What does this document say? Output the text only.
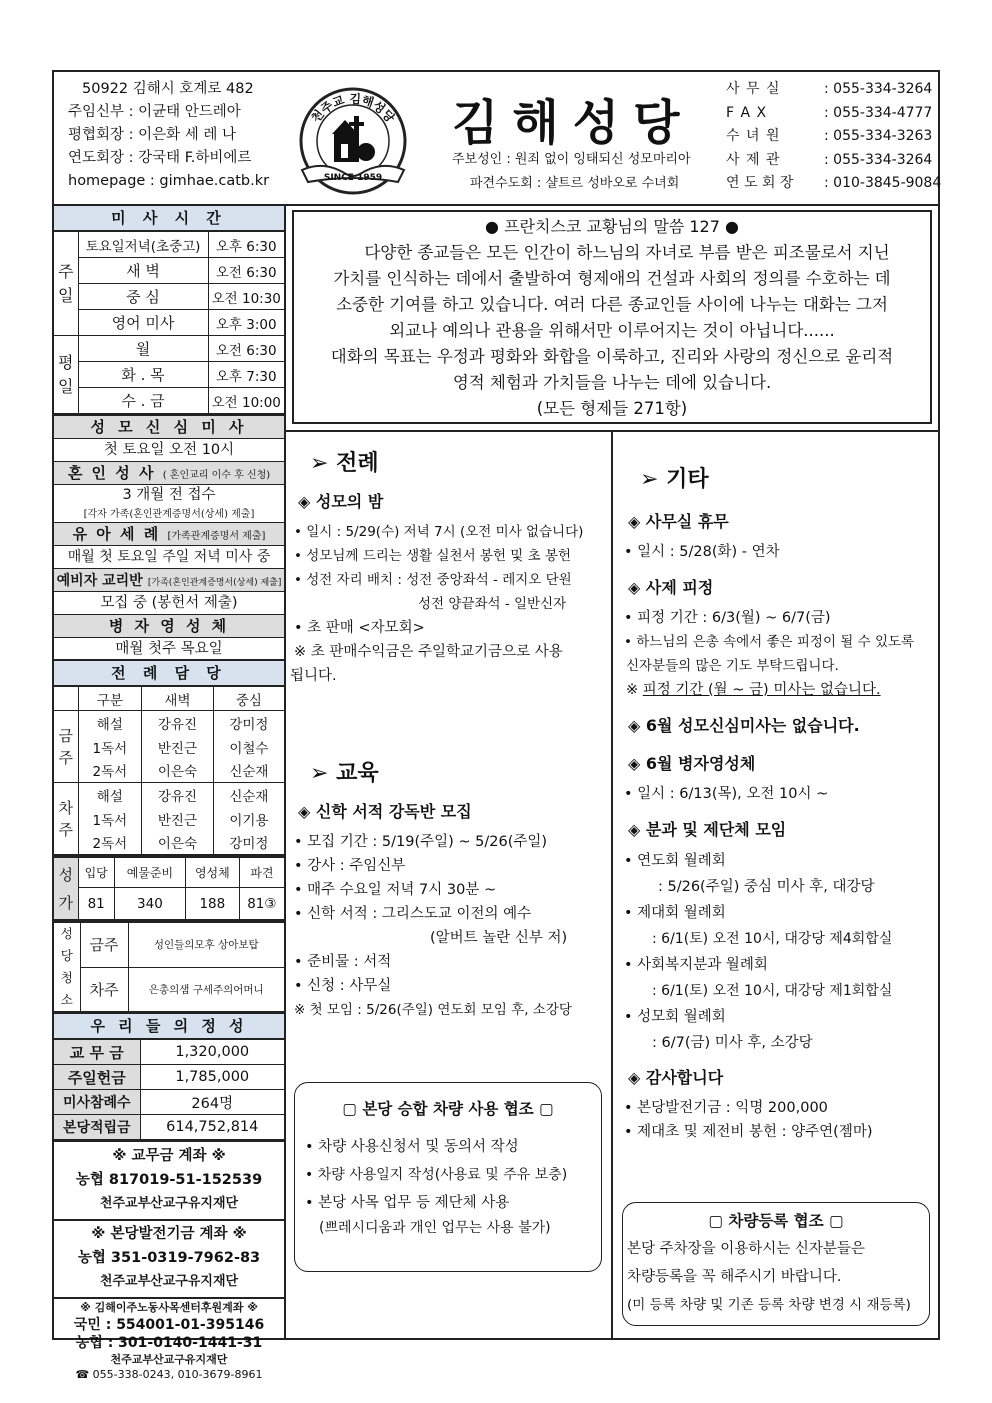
50922 김해시 호계로 482
주임신부 : 이균태 안드레아
평협회장 : 이은화 세 레 나
연도회장 : 강국태 F.하비에르
homepage : gimhae.catb.kr
천주교 김해성당
SINCE 1959
김해성당
주보성인 : 원죄 없이 잉태되신 성모마리아
파견수도회 : 샬트르 성바오로 수녀회
사 무 실	: 055-334-3264
F A X	: 055-334-4777
수 녀 원	: 055-334-3263
사 제 관	: 055-334-3264
연 도 회 장	: 010-3845-9084
미 사 시 간
주일	토요일저녁(초중고)	오후 6:30
	새 벽	오전 6:30
	중 심	오전 10:30
	영어 미사	오후 3:00
평일	월	오전 6:30
	화 . 목	오후 7:30
	수 . 금	오전 10:00
성 모 신 심 미 사
첫 토요일 오전 10시
혼 인 성 사 ( 혼인교리 이수 후 신청)
3 개월 전 접수
[각자 가족(혼인관계증명서(상세) 제출]
유 아 세 례 [가족관계증명서 제출]
매월 첫 토요일 주일 저녁 미사 중
예비자 교리반 [가족(혼인관계증명서(상세) 제출]
모집 중 (봉헌서 제출)
병 자 영 성 체
매월 첫주 목요일
전 례 담 당
	구분	새벽	중심
금주	해설	강유진	강미정
	1독서	반진근	이철수
	2독서	이은숙	신순재
차주	해설	강유진	신순재
	1독서	반진근	이기용
	2독서	이은숙	강미정
성가	입당	예물준비	영성체	파견
	81	340	188	81③
성당청소	금주	성인들의모후 상아보탑
	차주	은총의샘 구세주의어머니
우 리 들 의 정 성
교 무 금	1,320,000
주일헌금	1,785,000
미사참례수	264명
본당적립금	614,752,814
※ 교무금 계좌 ※
농협 817019-51-152539
천주교부산교구유지재단
※ 본당발전기금 계좌 ※
농협 351-0319-7962-83
천주교부산교구유지재단
※ 김해이주노동사목센터후원계좌 ※
국민 : 554001-01-395146
농협 : 301-0140-1441-31
천주교부산교구유지재단
☎ 055-338-0243, 010-3679-8961
● 프란치스코 교황님의 말씀 127 ●
다양한 종교들은 모든 인간이 하느님의 자녀로 부름 받은 피조물로서 지닌
가치를 인식하는 데에서 출발하여 형제애의 건설과 사회의 정의를 수호하는 데
소중한 기여를 하고 있습니다. 여러 다른 종교인들 사이에 나누는 대화는 그저
외교나 예의나 관용을 위해서만 이루어지는 것이 아닙니다......
대화의 목표는 우정과 평화와 화합을 이룩하고, 진리와 사랑의 정신으로 윤리적
영적 체험과 가치들을 나누는 데에 있습니다.
(모든 형제들 271항)
➢ 전례
◈ 성모의 밤
• 일시 : 5/29(수) 저녁 7시 (오전 미사 없습니다)
• 성모님께 드리는 생활 실천서 봉헌 및 초 봉헌
• 성전 자리 배치 : 성전 중앙좌석 - 레지오 단원
성전 양끝좌석 - 일반신자
• 초 판매 <자모회>
※ 초 판매수익금은 주일학교기금으로 사용
됩니다.
➢ 교육
◈ 신학 서적 강독반 모집
• 모집 기간 : 5/19(주일) ~ 5/26(주일)
• 강사 : 주임신부
• 매주 수요일 저녁 7시 30분 ~
• 신학 서적 : 그리스도교 이전의 예수
(알버트 놀란 신부 저)
• 준비물 : 서적
• 신청 : 사무실
※ 첫 모임 : 5/26(주일) 연도회 모임 후, 소강당
▢ 본당 승합 차량 사용 협조 ▢
• 차량 사용신청서 및 동의서 작성
• 차량 사용일지 작성(사용료 및 주유 보충)
• 본당 사목 업무 등 제단체 사용
(쁘레시디움과 개인 업무는 사용 불가)
➢ 기타
◈ 사무실 휴무
• 일시 : 5/28(화) - 연차
◈ 사제 피정
• 피정 기간 : 6/3(월) ~ 6/7(금)
• 하느님의 은총 속에서 좋은 피정이 될 수 있도록
신자분들의 많은 기도 부탁드립니다.
※ 피정 기간 (월 ~ 금) 미사는 없습니다.
◈ 6월 성모신심미사는 없습니다.
◈ 6월 병자영성체
• 일시 : 6/13(목), 오전 10시 ~
◈ 분과 및 제단체 모임
• 연도회 월례회
: 5/26(주일) 중심 미사 후, 대강당
• 제대회 월례회
: 6/1(토) 오전 10시, 대강당 제4회합실
• 사회복지분과 월례회
: 6/1(토) 오전 10시, 대강당 제1회합실
• 성모회 월례회
: 6/7(금) 미사 후, 소강당
◈ 감사합니다
• 본당발전기금 : 익명 200,000
• 제대초 및 제전비 봉헌 : 양주연(젬마)
▢ 차량등록 협조 ▢
본당 주차장을 이용하시는 신자분들은
차량등록을 꼭 해주시기 바랍니다.
(미 등록 차량 및 기존 등록 차량 변경 시 재등록)
